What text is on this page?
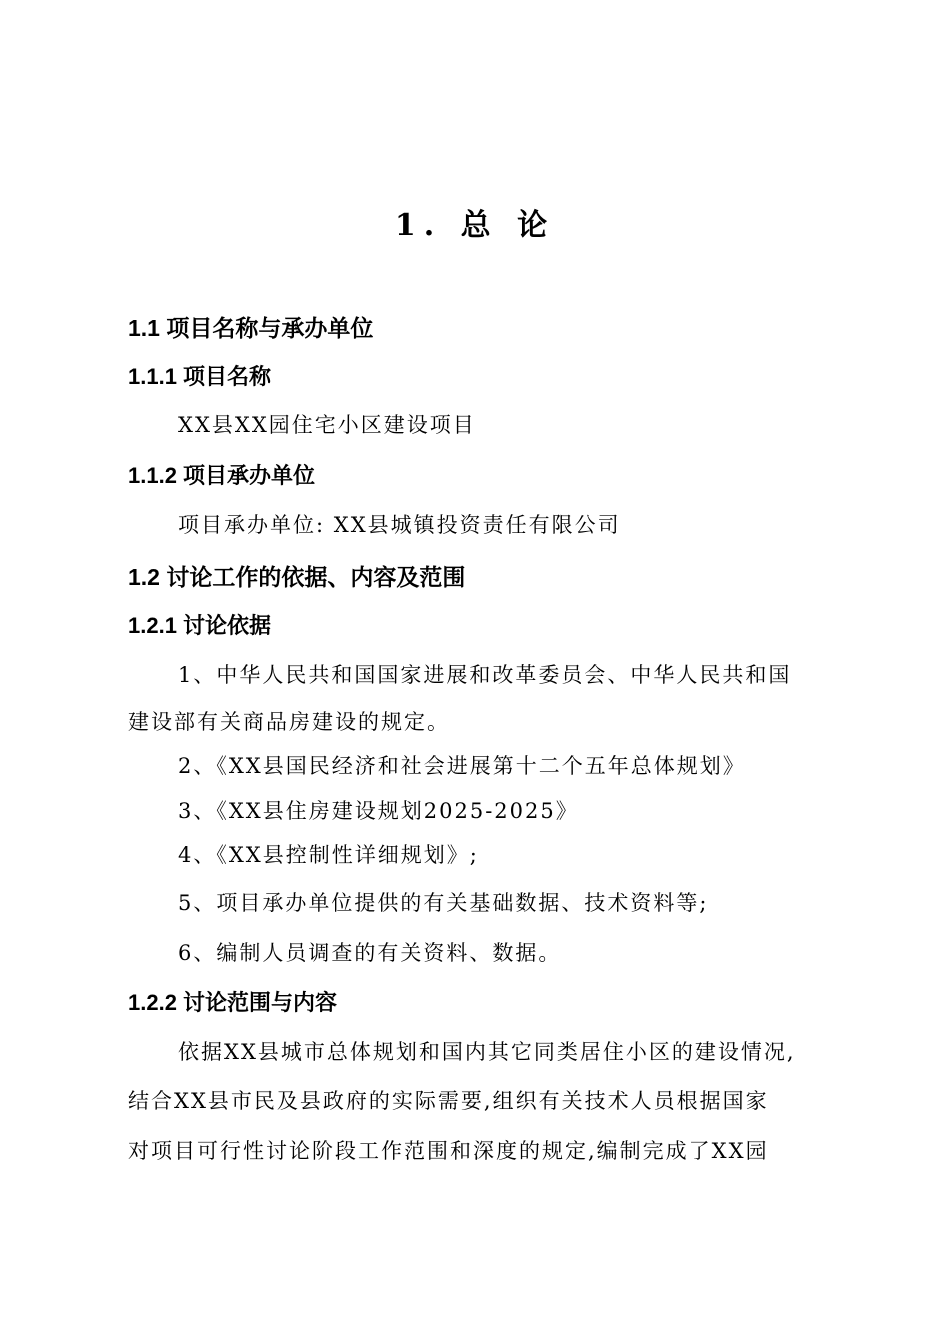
1. 总 论
1.1 项目名称与承办单位
1.1.1 项目名称
XX县XX园住宅小区建设项目
1.1.2 项目承办单位
项目承办单位: XX县城镇投资责任有限公司
1.2 讨论工作的依据、内容及范围
1.2.1 讨论依据
1、中华人民共和国国家进展和改革委员会、中华人民共和国
建设部有关商品房建设的规定。
2、《XX县国民经济和社会进展第十二个五年总体规划》
3、《XX县住房建设规划2025-2025》
4、《XX县控制性详细规划》;
5、项目承办单位提供的有关基础数据、技术资料等;
6、编制人员调查的有关资料、数据。
1.2.2 讨论范围与内容
依据XX县城市总体规划和国内其它同类居住小区的建设情况,
结合XX县市民及县政府的实际需要,组织有关技术人员根据国家
对项目可行性讨论阶段工作范围和深度的规定,编制完成了XX园
